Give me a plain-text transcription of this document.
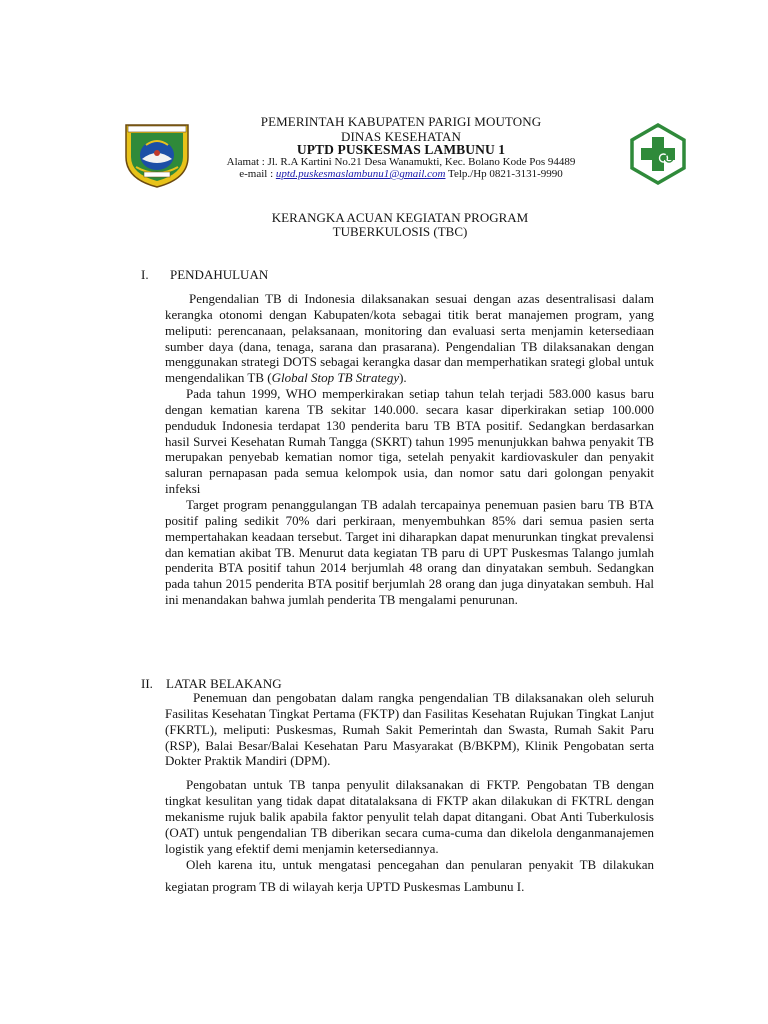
PEMERINTAH KABUPATEN PARIGI MOUTONG
DINAS KESEHATAN
UPTD PUSKESMAS LAMBUNU 1
Alamat : Jl. R.A Kartini No.21 Desa Wanamukti, Kec. Bolano Kode Pos 94489
e-mail : uptd.puskesmaslambunu1@gmail.com Telp./Hp 0821-3131-9990
KERANGKA ACUAN KEGIATAN PROGRAM
TUBERKULOSIS (TBC)
I. PENDAHULUAN

Pengendalian TB di Indonesia dilaksanakan sesuai dengan azas desentralisasi dalam kerangka otonomi dengan Kabupaten/kota sebagai titik berat manajemen program, yang meliputi: perencanaan, pelaksanaan, monitoring dan evaluasi serta menjamin ketersediaan sumber daya (dana, tenaga, sarana dan prasarana). Pengendalian TB dilaksanakan dengan menggunakan strategi DOTS sebagai kerangka dasar dan memperhatikan srategi global untuk mengendalikan TB (Global Stop TB Strategy).

Pada tahun 1999, WHO memperkirakan setiap tahun telah terjadi 583.000 kasus baru dengan kematian karena TB sekitar 140.000. secara kasar diperkirakan setiap 100.000 penduduk Indonesia terdapat 130 penderita baru TB BTA positif. Sedangkan berdasarkan hasil Survei Kesehatan Rumah Tangga (SKRT) tahun 1995 menunjukkan bahwa penyakit TB merupakan penyebab kematian nomor tiga, setelah penyakit kardiovaskuler dan penyakit saluran pernapasan pada semua kelompok usia, dan nomor satu dari golongan penyakit infeksi

Target program penanggulangan TB adalah tercapainya penemuan pasien baru TB BTA positif paling sedikit 70% dari perkiraan, menyembuhkan 85% dari semua pasien serta mempertahakan keadaan tersebut. Target ini diharapkan dapat menurunkan tingkat prevalensi dan kematian akibat TB. Menurut data kegiatan TB paru di UPT Puskesmas Talango jumlah penderita BTA positif tahun 2014 berjumlah 48 orang dan dinyatakan sembuh. Sedangkan pada tahun 2015 penderita BTA positif berjumlah 28 orang dan juga dinyatakan sembuh. Hal ini menandakan bahwa jumlah penderita TB mengalami penurunan.

II. LATAR BELAKANG

Penemuan dan pengobatan dalam rangka pengendalian TB dilaksanakan oleh seluruh Fasilitas Kesehatan Tingkat Pertama (FKTP) dan Fasilitas Kesehatan Rujukan Tingkat Lanjut (FKRTL), meliputi: Puskesmas, Rumah Sakit Pemerintah dan Swasta, Rumah Sakit Paru (RSP), Balai Besar/Balai Kesehatan Paru Masyarakat (B/BKPM), Klinik Pengobatan serta Dokter Praktik Mandiri (DPM).

Pengobatan untuk TB tanpa penyulit dilaksanakan di FKTP. Pengobatan TB dengan tingkat kesulitan yang tidak dapat ditatalaksana di FKTP akan dilakukan di FKTRL dengan mekanisme rujuk balik apabila faktor penyulit telah dapat ditangani. Obat Anti Tuberkulosis (OAT) untuk pengendalian TB diberikan secara cuma-cuma dan dikelola denganmanajemen logistik yang efektif demi menjamin ketersediannya.

Oleh karena itu, untuk mengatasi pencegahan dan penularan penyakit TB dilakukan kegiatan program TB di wilayah kerja UPTD Puskesmas Lambunu I.
